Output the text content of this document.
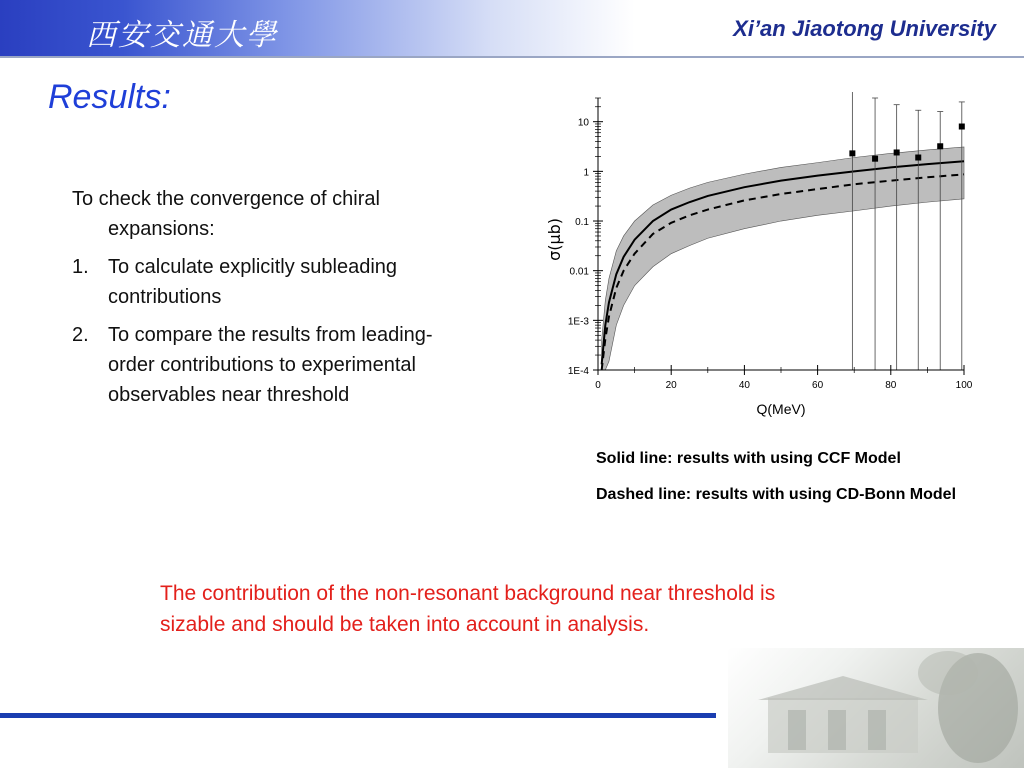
西安交通大學	Xi’an Jiaotong University
Results:

To check the convergence of chiral expansions:

1. To calculate explicitly subleading contributions
2. To compare the results from leading-order contributions to experimental observables near threshold
1E-4
1E-3
0.01
0.1
1
10
0	20	40	60	80	100
Q(MeV)
σ(μb)
Solid line: results with using CCF Model
Dashed line: results with using CD-Bonn Model
The contribution of the non-resonant background near threshold is sizable and should be taken into account in analysis.
